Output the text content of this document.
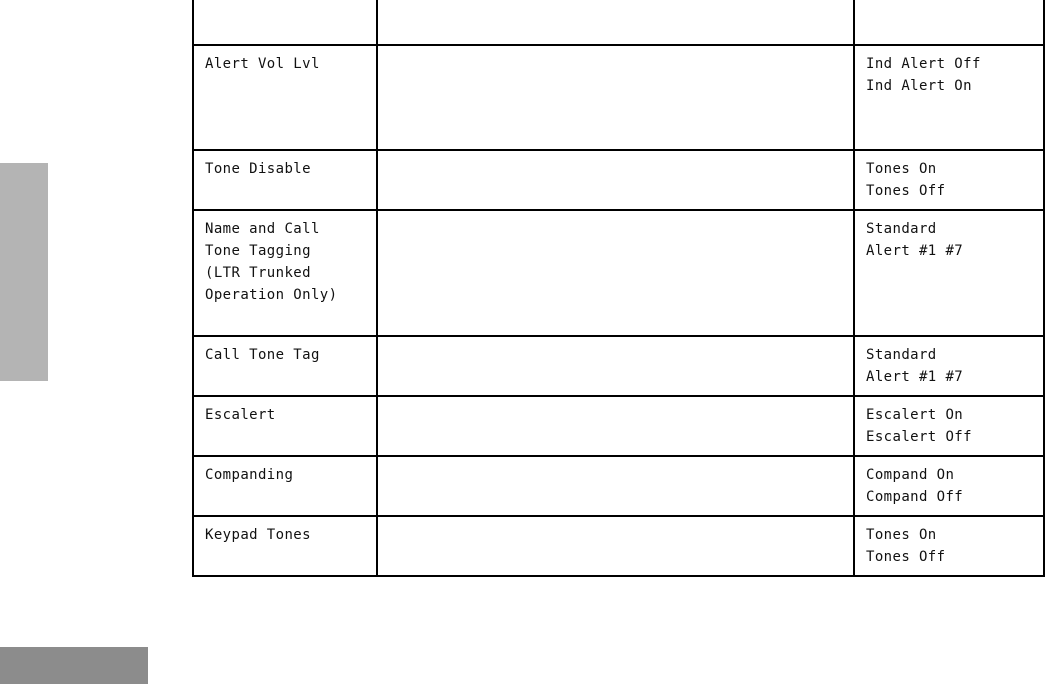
Alert Vol Lvl		Ind Alert Off
Ind Alert On

Tone Disable		Tones On
Tones Off

Name and Call
Tone Tagging
(LTR Trunked
Operation Only)		Standard
Alert #1 #7

Call Tone Tag		Standard
Alert #1 #7

Escalert		Escalert On
Escalert Off

Companding		Compand On
Compand Off

Keypad Tones		Tones On
Tones Off
